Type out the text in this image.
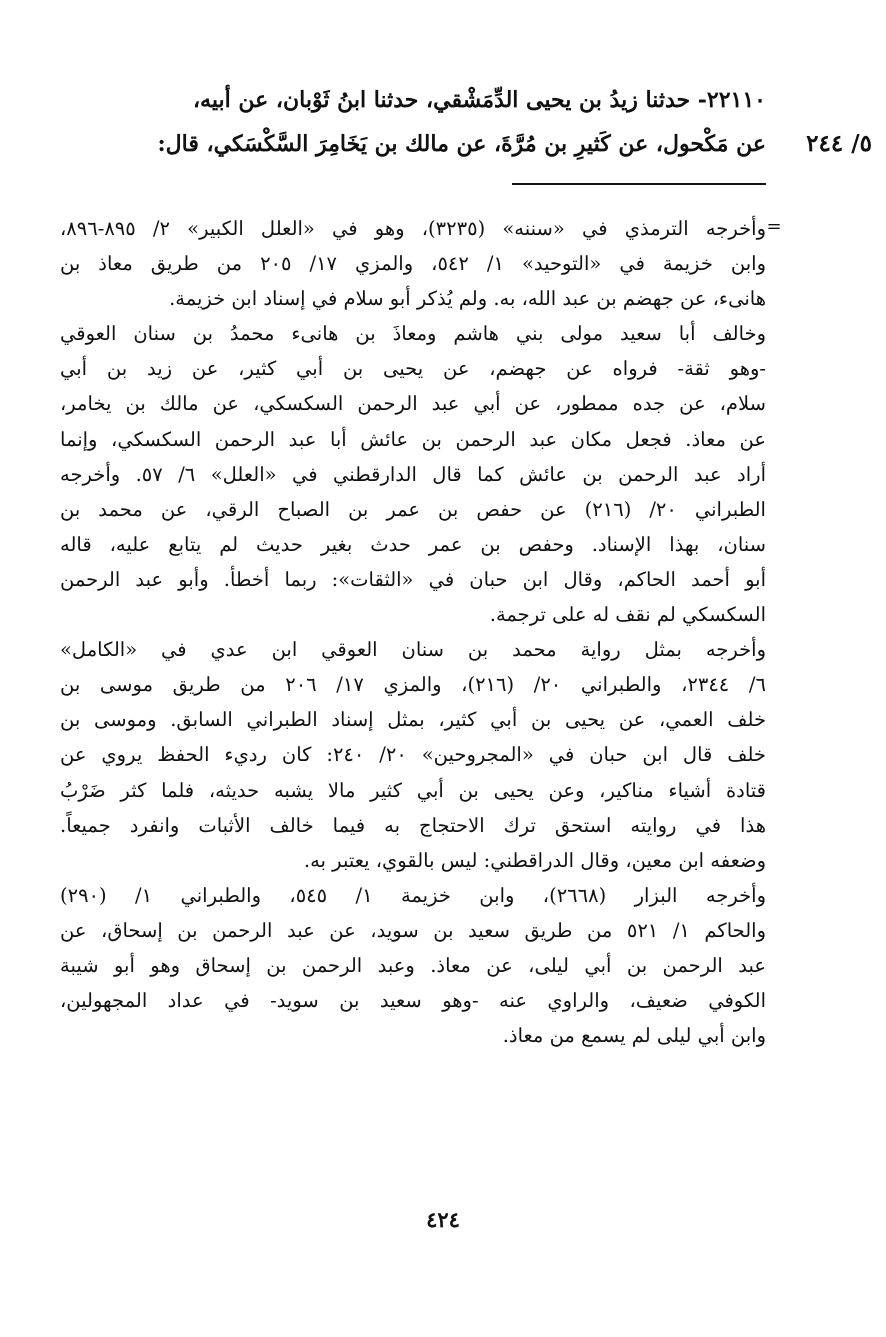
٢٢١١٠- حدثنا زيدُ بن يحيى الدِّمَشْقي، حدثنا ابنُ ثَوْبان، عن أبيه،
عن مَكْحول، عن كَثيرِ بن مُرَّةَ، عن مالك بن يَخَامِرَ السَّكْسَكي، قال: ٥/ ٢٤٤
=
وأخرجه الترمذي في «سننه» (٣٢٣٥)، وهو في «العلل الكبير» ٢/ ٨٩٥-٨٩٦،
وابن خزيمة في «التوحيد» ١/ ٥٤٢، والمزي ١٧/ ٢٠٥ من طريق معاذ بن
هانىء، عن جهضم بن عبد الله، به. ولم يُذكر أبو سلام في إسناد ابن خزيمة.
وخالف أبا سعيد مولى بني هاشم ومعاذَ بن هانىء محمدُ بن سنان العوقي
-وهو ثقة- فرواه عن جهضم، عن يحيى بن أبي كثير، عن زيد بن أبي
سلام، عن جده ممطور، عن أبي عبد الرحمن السكسكي، عن مالك بن يخامر،
عن معاذ. فجعل مكان عبد الرحمن بن عائش أبا عبد الرحمن السكسكي، وإنما
أراد عبد الرحمن بن عائش كما قال الدارقطني في «العلل» ٦/ ٥٧. وأخرجه
الطبراني ٢٠/ (٢١٦) عن حفص بن عمر بن الصباح الرقي، عن محمد بن
سنان، بهذا الإسناد. وحفص بن عمر حدث بغير حديث لم يتابع عليه، قاله
أبو أحمد الحاكم، وقال ابن حبان في «الثقات»: ربما أخطأ. وأبو عبد الرحمن
السكسكي لم نقف له على ترجمة.
وأخرجه بمثل رواية محمد بن سنان العوقي ابن عدي في «الكامل»
٦/ ٢٣٤٤، والطبراني ٢٠/ (٢١٦)، والمزي ١٧/ ٢٠٦ من طريق موسى بن
خلف العمي، عن يحيى بن أبي كثير، بمثل إسناد الطبراني السابق. وموسى بن
خلف قال ابن حبان في «المجروحين» ٢٠/ ٢٤٠: كان رديء الحفظ يروي عن
قتادة أشياء مناكير، وعن يحيى بن أبي كثير مالا يشبه حديثه، فلما كثر ضَرْبُ
هذا في روايته استحق ترك الاحتجاج به فيما خالف الأثبات وانفرد جميعاً.
وضعفه ابن معين، وقال الدراقطني: ليس بالقوي، يعتبر به.
وأخرجه البزار (٢٦٦٨)، وابن خزيمة ١/ ٥٤٥، والطبراني ١/ (٢٩٠)
والحاكم ١/ ٥٢١ من طريق سعيد بن سويد، عن عبد الرحمن بن إسحاق، عن
عبد الرحمن بن أبي ليلى، عن معاذ. وعبد الرحمن بن إسحاق وهو أبو شيبة
الكوفي ضعيف، والراوي عنه -وهو سعيد بن سويد- في عداد المجهولين،
وابن أبي ليلى لم يسمع من معاذ.
٤٢٤
